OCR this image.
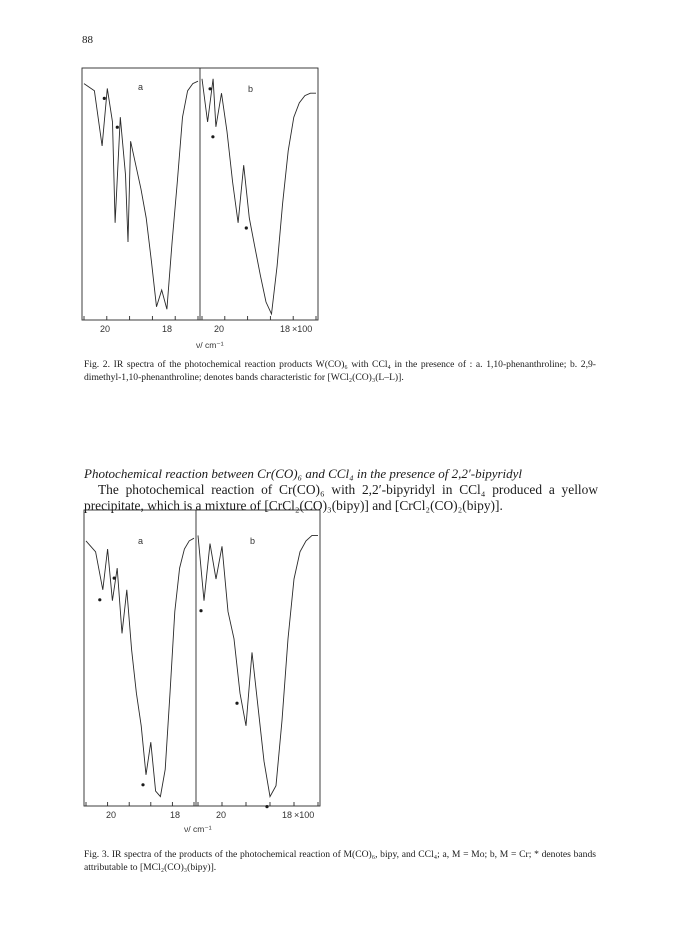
88
a	b
20	18	20	18 ×100
ν/ cm⁻¹
Fig. 2. IR spectra of the photochemical reaction products W(CO)₆ with CCl₄ in the presence of : a. 1,10-phenanthroline; b. 2,9-dimethyl-1,10-phenanthroline; denotes bands characteristic for [WCl₂(CO)₃(L–L)].
Photochemical reaction between Cr(CO)₆ and CCl₄ in the presence of 2,2′-bipyridyl
The photochemical reaction of Cr(CO)₆ with 2,2′-bipyridyl in CCl₄ produced a yellow precipitate, which is a mixture of [CrCl₂(CO)₃(bipy)] and [CrCl₂(CO)₂(bipy)].
a	b
20	18	20	18 ×100
ν/ cm⁻¹
Fig. 3. IR spectra of the products of the photochemical reaction of M(CO)₆, bipy, and CCl₄; a, M = Mo; b, M = Cr; * denotes bands attributable to [MCl₂(CO)₃(bipy)].
